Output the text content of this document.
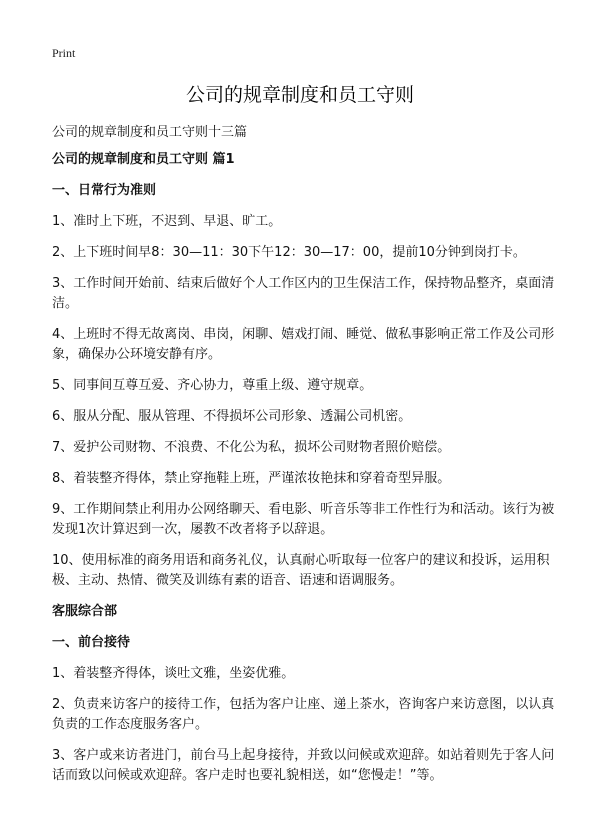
Print
公司的规章制度和员工守则

公司的规章制度和员工守则十三篇

公司的规章制度和员工守则 篇1

一、日常行为准则

1、准时上下班，不迟到、早退、旷工。

2、上下班时间早8：30—11：30下午12：30—17：00，提前10分钟到岗打卡。

3、工作时间开始前、结束后做好个人工作区内的卫生保洁工作，保持物品整齐，桌面清洁。

4、上班时不得无故离岗、串岗，闲聊、嬉戏打闹、睡觉、做私事影响正常工作及公司形象，确保办公环境安静有序。

5、同事间互尊互爱、齐心协力，尊重上级、遵守规章。

6、服从分配、服从管理、不得损坏公司形象、透漏公司机密。

7、爱护公司财物、不浪费、不化公为私，损坏公司财物者照价赔偿。

8、着装整齐得体，禁止穿拖鞋上班，严谨浓妆艳抹和穿着奇型异服。

9、工作期间禁止利用办公网络聊天、看电影、听音乐等非工作性行为和活动。该行为被发现1次计算迟到一次，屡教不改者将予以辞退。

10、使用标准的商务用语和商务礼仪，认真耐心听取每一位客户的建议和投诉，运用积极、主动、热情、微笑及训练有素的语音、语速和语调服务。

客服综合部

一、前台接待

1、着装整齐得体，谈吐文雅，坐姿优雅。

2、负责来访客户的接待工作，包括为客户让座、递上茶水，咨询客户来访意图，以认真负责的工作态度服务客户。

3、客户或来访者进门，前台马上起身接待，并致以问候或欢迎辞。如站着则先于客人问话而致以问候或欢迎辞。客户走时也要礼貌相送，如“您慢走！”等。
